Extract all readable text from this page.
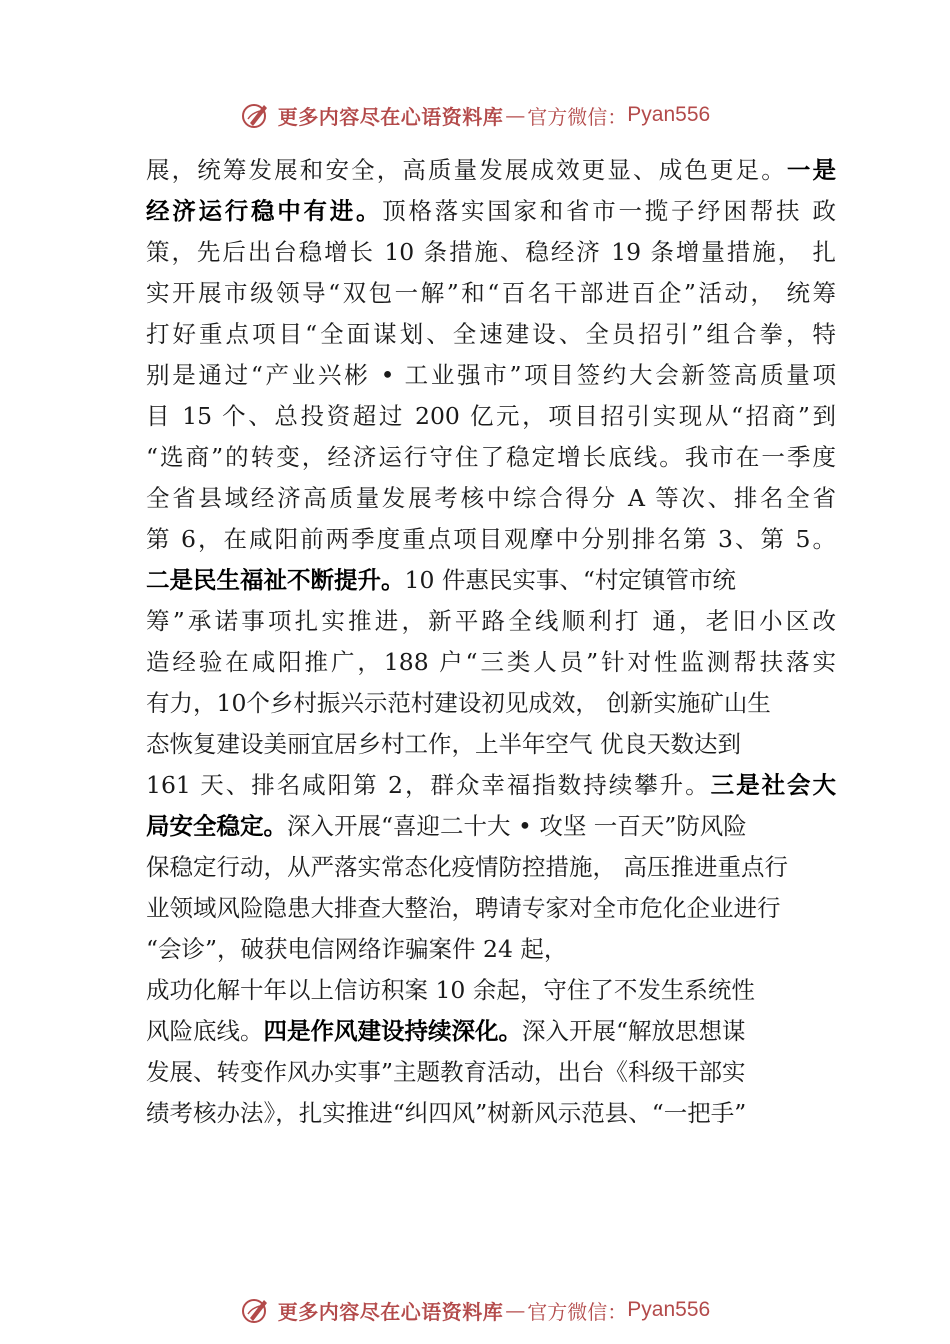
更多内容尽在心语资料库 — 官方微信： Pyan556
展，统筹发展和安全，高质量发展成效更显、成色更足。一是
经济运行稳中有进。顶格落实国家和省市一揽子纾困帮扶 政
策，先后出台稳增长 10 条措施、稳经济 19 条增量措施， 扎
实开展市级领导“双包一解”和“百名干部进百企”活动， 统筹
打好重点项目“全面谋划、全速建设、全员招引”组合拳，特
别是通过“产业兴彬 • 工业强市”项目签约大会新签高质量项
目 15 个、总投资超过 200 亿元，项目招引实现从“招商”到
“选商”的转变，经济运行守住了稳定增长底线。我市在一季度
全省县域经济高质量发展考核中综合得分 A 等次、排名全省
第 6，在咸阳前两季度重点项目观摩中分别排名第 3、第 5。
二是民生福祉不断提升。10 件惠民实事、“村定镇管市统
筹”承诺事项扎实推进，新平路全线顺利打 通，老旧小区改
造经验在咸阳推广，188 户“三类人员”针对性监测帮扶落实
有力，10个乡村振兴示范村建设初见成效， 创新实施矿山生
态恢复建设美丽宜居乡村工作，上半年空气 优良天数达到
161 天、排名咸阳第 2，群众幸福指数持续攀升。三是社会大
局安全稳定。深入开展“喜迎二十大 • 攻坚 一百天”防风险
保稳定行动，从严落实常态化疫情防控措施， 高压推进重点行
业领域风险隐患大排查大整治，聘请专家对全市危化企业进行
“会诊”，破获电信网络诈骗案件 24 起，
成功化解十年以上信访积案 10 余起，守住了不发生系统性
风险底线。四是作风建设持续深化。深入开展“解放思想谋
发展、转变作风办实事”主题教育活动，出台《科级干部实
绩考核办法》，扎实推进“纠四风”树新风示范县、“一把手”
更多内容尽在心语资料库 — 官方微信： Pyan556
